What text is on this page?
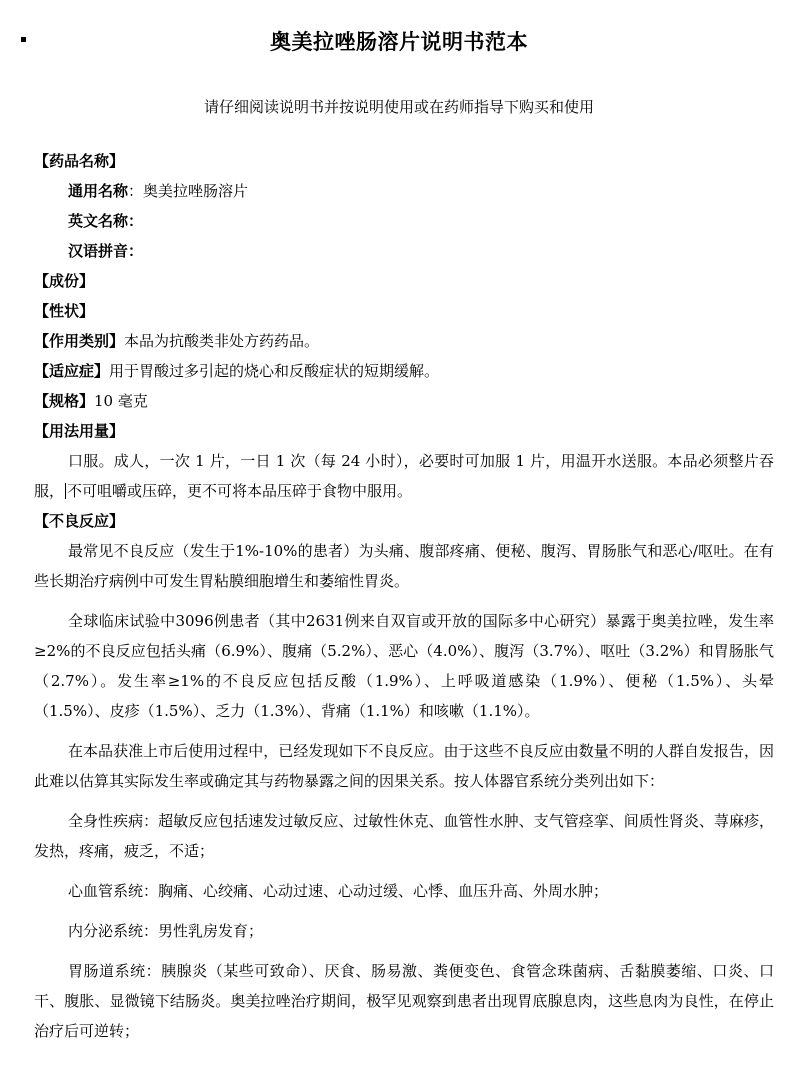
奥美拉唑肠溶片说明书范本
请仔细阅读说明书并按说明使用或在药师指导下购买和使用
【药品名称】
通用名称：奥美拉唑肠溶片
英文名称：
汉语拼音：
【成份】
【性状】
【作用类别】本品为抗酸类非处方药药品。
【适应症】用于胃酸过多引起的烧心和反酸症状的短期缓解。
【规格】10 毫克
【用法用量】

口服。成人，一次 1 片，一日 1 次（每 24 小时），必要时可加服 1 片，用温开水送服。本品必须整片吞服， 不可咀嚼或压碎，更不可将本品压碎于食物中服用。

【不良反应】

最常见不良反应（发生于1%-10%的患者）为头痛、腹部疼痛、便秘、腹泻、胃肠胀气和恶心/呕吐。在有些长期治疗病例中可发生胃粘膜细胞增生和萎缩性胃炎。

全球临床试验中3096例患者（其中2631例来自双盲或开放的国际多中心研究）暴露于奥美拉唑，发生率≥2%的不良反应包括头痛（6.9%）、腹痛（5.2%）、恶心（4.0%）、腹泻（3.7%）、呕吐（3.2%）和胃肠胀气（2.7%）。发生率≥1%的不良反应包括反酸（1.9%）、上呼吸道感染（1.9%）、便秘（1.5%）、头晕（1.5%）、皮疹（1.5%）、乏力（1.3%）、背痛（1.1%）和咳嗽（1.1%）。

在本品获准上市后使用过程中，已经发现如下不良反应。由于这些不良反应由数量不明的人群自发报告，因此难以估算其实际发生率或确定其与药物暴露之间的因果关系。按人体器官系统分类列出如下：

全身性疾病：超敏反应包括速发过敏反应、过敏性休克、血管性水肿、支气管痉挛、间质性肾炎、荨麻疹，发热，疼痛，疲乏，不适；

心血管系统：胸痛、心绞痛、心动过速、心动过缓、心悸、血压升高、外周水肿；

内分泌系统：男性乳房发育；

胃肠道系统：胰腺炎（某些可致命）、厌食、肠易激、粪便变色、食管念珠菌病、舌黏膜萎缩、口炎、口干、腹胀、显微镜下结肠炎。奥美拉唑治疗期间，极罕见观察到患者出现胃底腺息肉，这些息肉为良性，在停止治疗后可逆转；
